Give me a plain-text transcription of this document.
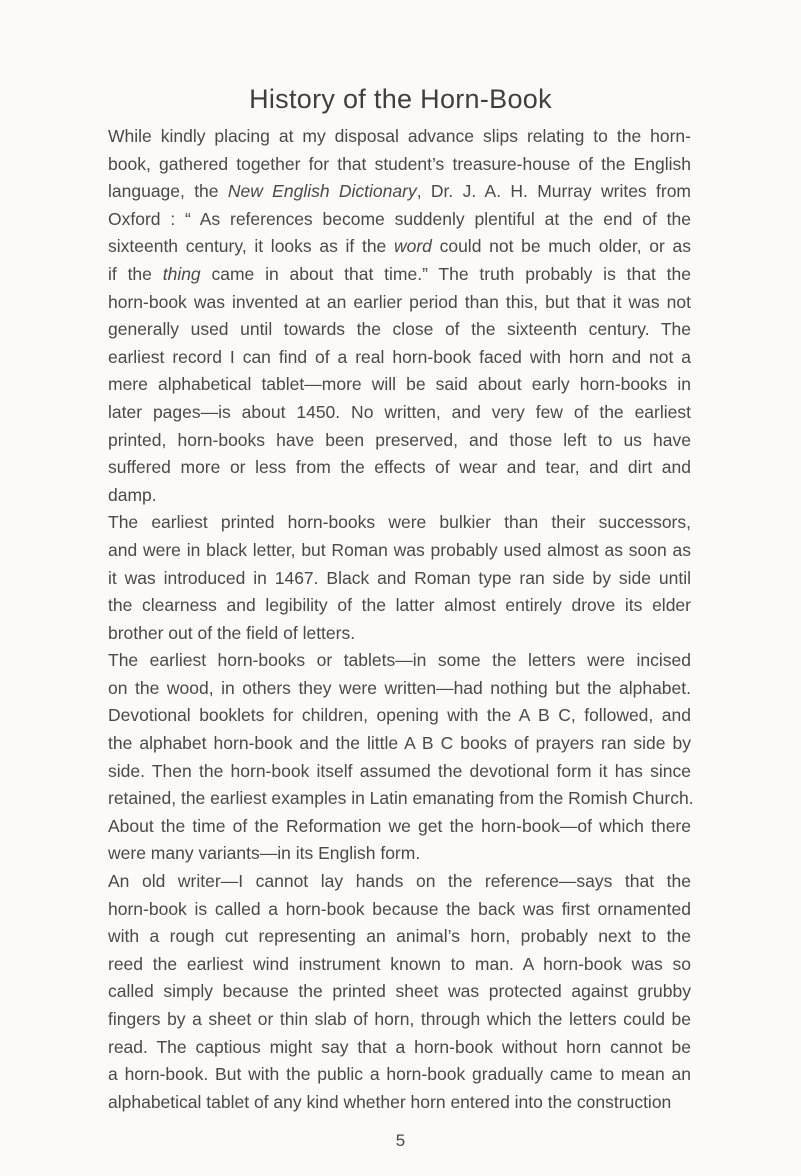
History of the Horn-Book

While kindly placing at my disposal advance slips relating to the horn-
book, gathered together for that student’s treasure-house of the English
language, the New English Dictionary, Dr. J. A. H. Murray writes from
Oxford : “ As references become suddenly plentiful at the end of the
sixteenth century, it looks as if the word could not be much older, or as
if the thing came in about that time.” The truth probably is that the
horn-book was invented at an earlier period than this, but that it was not
generally used until towards the close of the sixteenth century. The
earliest record I can find of a real horn-book faced with horn and not a
mere alphabetical tablet—more will be said about early horn-books in
later pages—is about 1450. No written, and very few of the earliest
printed, horn-books have been preserved, and those left to us have
suffered more or less from the effects of wear and tear, and dirt and
damp.

The earliest printed horn-books were bulkier than their successors,
and were in black letter, but Roman was probably used almost as soon as
it was introduced in 1467. Black and Roman type ran side by side until
the clearness and legibility of the latter almost entirely drove its elder
brother out of the field of letters.

The earliest horn-books or tablets—in some the letters were incised
on the wood, in others they were written—had nothing but the alphabet.
Devotional booklets for children, opening with the A B C, followed, and
the alphabet horn-book and the little A B C books of prayers ran side by
side. Then the horn-book itself assumed the devotional form it has since
retained, the earliest examples in Latin emanating from the Romish Church.
About the time of the Reformation we get the horn-book—of which there
were many variants—in its English form.

An old writer—I cannot lay hands on the reference—says that the
horn-book is called a horn-book because the back was first ornamented
with a rough cut representing an animal’s horn, probably next to the
reed the earliest wind instrument known to man. A horn-book was so
called simply because the printed sheet was protected against grubby
fingers by a sheet or thin slab of horn, through which the letters could be
read. The captious might say that a horn-book without horn cannot be
a horn-book. But with the public a horn-book gradually came to mean an
alphabetical tablet of any kind whether horn entered into the construction

5
